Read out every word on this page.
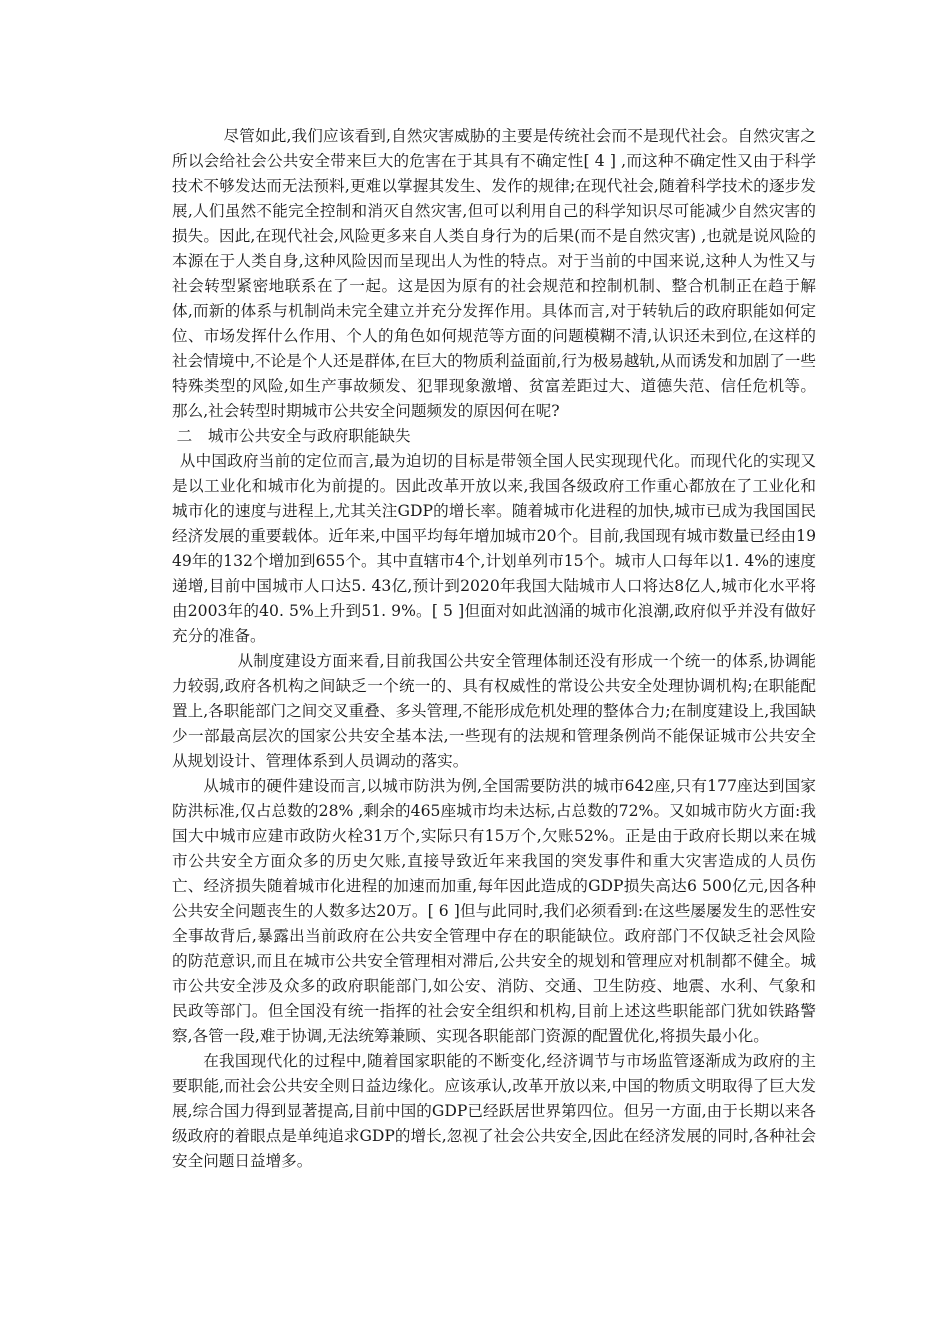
尽管如此,我们应该看到,自然灾害威胁的主要是传统社会而不是现代社会。自然灾害之所以会给社会公共安全带来巨大的危害在于其具有不确定性[ 4 ] ,而这种不确定性又由于科学技术不够发达而无法预料,更难以掌握其发生、发作的规律;在现代社会,随着科学技术的逐步发展,人们虽然不能完全控制和消灭自然灾害,但可以利用自己的科学知识尽可能减少自然灾害的损失。因此,在现代社会,风险更多来自人类自身行为的后果(而不是自然灾害) ,也就是说风险的本源在于人类自身,这种风险因而呈现出人为性的特点。对于当前的中国来说,这种人为性又与社会转型紧密地联系在了一起。这是因为原有的社会规范和控制机制、整合机制正在趋于解体,而新的体系与机制尚未完全建立并充分发挥作用。具体而言,对于转轨后的政府职能如何定位、市场发挥什么作用、个人的角色如何规范等方面的问题模糊不清,认识还未到位,在这样的社会情境中,不论是个人还是群体,在巨大的物质利益面前,行为极易越轨,从而诱发和加剧了一些特殊类型的风险,如生产事故频发、犯罪现象激增、贫富差距过大、道德失范、信任危机等。那么,社会转型时期城市公共安全问题频发的原因何在呢?

二　城市公共安全与政府职能缺失

从中国政府当前的定位而言,最为迫切的目标是带领全国人民实现现代化。而现代化的实现又是以工业化和城市化为前提的。因此改革开放以来,我国各级政府工作重心都放在了工业化和城市化的速度与进程上,尤其关注GDP的增长率。随着城市化进程的加快,城市已成为我国国民经济发展的重要载体。近年来,中国平均每年增加城市20个。目前,我国现有城市数量已经由1949年的132个增加到655个。其中直辖市4个,计划单列市15个。城市人口每年以1. 4%的速度递增,目前中国城市人口达5. 43亿,预计到2020年我国大陆城市人口将达8亿人,城市化水平将由2003年的40. 5%上升到51. 9%。[ 5 ]但面对如此汹涌的城市化浪潮,政府似乎并没有做好充分的准备。

从制度建设方面来看,目前我国公共安全管理体制还没有形成一个统一的体系,协调能力较弱,政府各机构之间缺乏一个统一的、具有权威性的常设公共安全处理协调机构;在职能配置上,各职能部门之间交叉重叠、多头管理,不能形成危机处理的整体合力;在制度建设上,我国缺少一部最高层次的国家公共安全基本法,一些现有的法规和管理条例尚不能保证城市公共安全从规划设计、管理体系到人员调动的落实。

从城市的硬件建设而言,以城市防洪为例,全国需要防洪的城市642座,只有177座达到国家防洪标准,仅占总数的28% ,剩余的465座城市均未达标,占总数的72%。又如城市防火方面:我国大中城市应建市政防火栓31万个,实际只有15万个,欠账52%。正是由于政府长期以来在城市公共安全方面众多的历史欠账,直接导致近年来我国的突发事件和重大灾害造成的人员伤亡、经济损失随着城市化进程的加速而加重,每年因此造成的GDP损失高达6 500亿元,因各种公共安全问题丧生的人数多达20万。[ 6 ]但与此同时,我们必须看到:在这些屡屡发生的恶性安全事故背后,暴露出当前政府在公共安全管理中存在的职能缺位。政府部门不仅缺乏社会风险的防范意识,而且在城市公共安全管理相对滞后,公共安全的规划和管理应对机制都不健全。城市公共安全涉及众多的政府职能部门,如公安、消防、交通、卫生防疫、地震、水利、气象和民政等部门。但全国没有统一指挥的社会安全组织和机构,目前上述这些职能部门犹如铁路警察,各管一段,难于协调,无法统筹兼顾、实现各职能部门资源的配置优化,将损失最小化。

在我国现代化的过程中,随着国家职能的不断变化,经济调节与市场监管逐渐成为政府的主要职能,而社会公共安全则日益边缘化。应该承认,改革开放以来,中国的物质文明取得了巨大发展,综合国力得到显著提高,目前中国的GDP已经跃居世界第四位。但另一方面,由于长期以来各级政府的着眼点是单纯追求GDP的增长,忽视了社会公共安全,因此在经济发展的同时,各种社会安全问题日益增多。
